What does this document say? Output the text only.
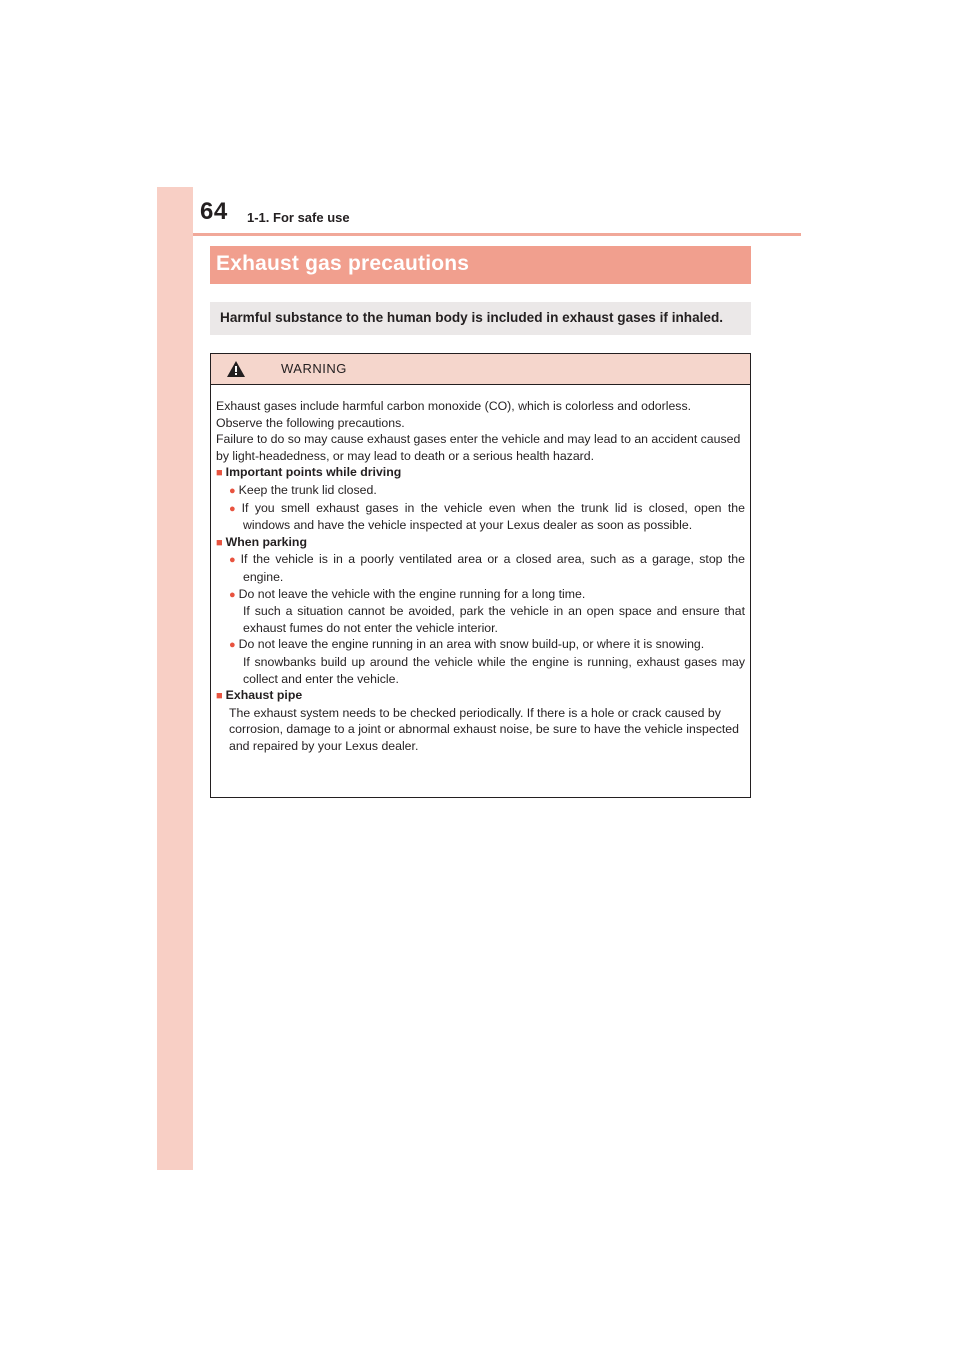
64 1-1. For safe use
Exhaust gas precautions
Harmful substance to the human body is included in exhaust gases if inhaled.
WARNING

Exhaust gases include harmful carbon monoxide (CO), which is colorless and odorless.

Observe the following precautions.

Failure to do so may cause exhaust gases enter the vehicle and may lead to an accident caused by light-headedness, or may lead to death or a serious health hazard.

■ Important points while driving

● Keep the trunk lid closed.

● If you smell exhaust gases in the vehicle even when the trunk lid is closed, open the windows and have the vehicle inspected at your Lexus dealer as soon as possible.

■ When parking

● If the vehicle is in a poorly ventilated area or a closed area, such as a garage, stop the engine.

● Do not leave the vehicle with the engine running for a long time.
If such a situation cannot be avoided, park the vehicle in an open space and ensure that exhaust fumes do not enter the vehicle interior.

● Do not leave the engine running in an area with snow build-up, or where it is snowing.
If snowbanks build up around the vehicle while the engine is running, exhaust gases may collect and enter the vehicle.

■ Exhaust pipe

The exhaust system needs to be checked periodically. If there is a hole or crack caused by corrosion, damage to a joint or abnormal exhaust noise, be sure to have the vehicle inspected and repaired by your Lexus dealer.
